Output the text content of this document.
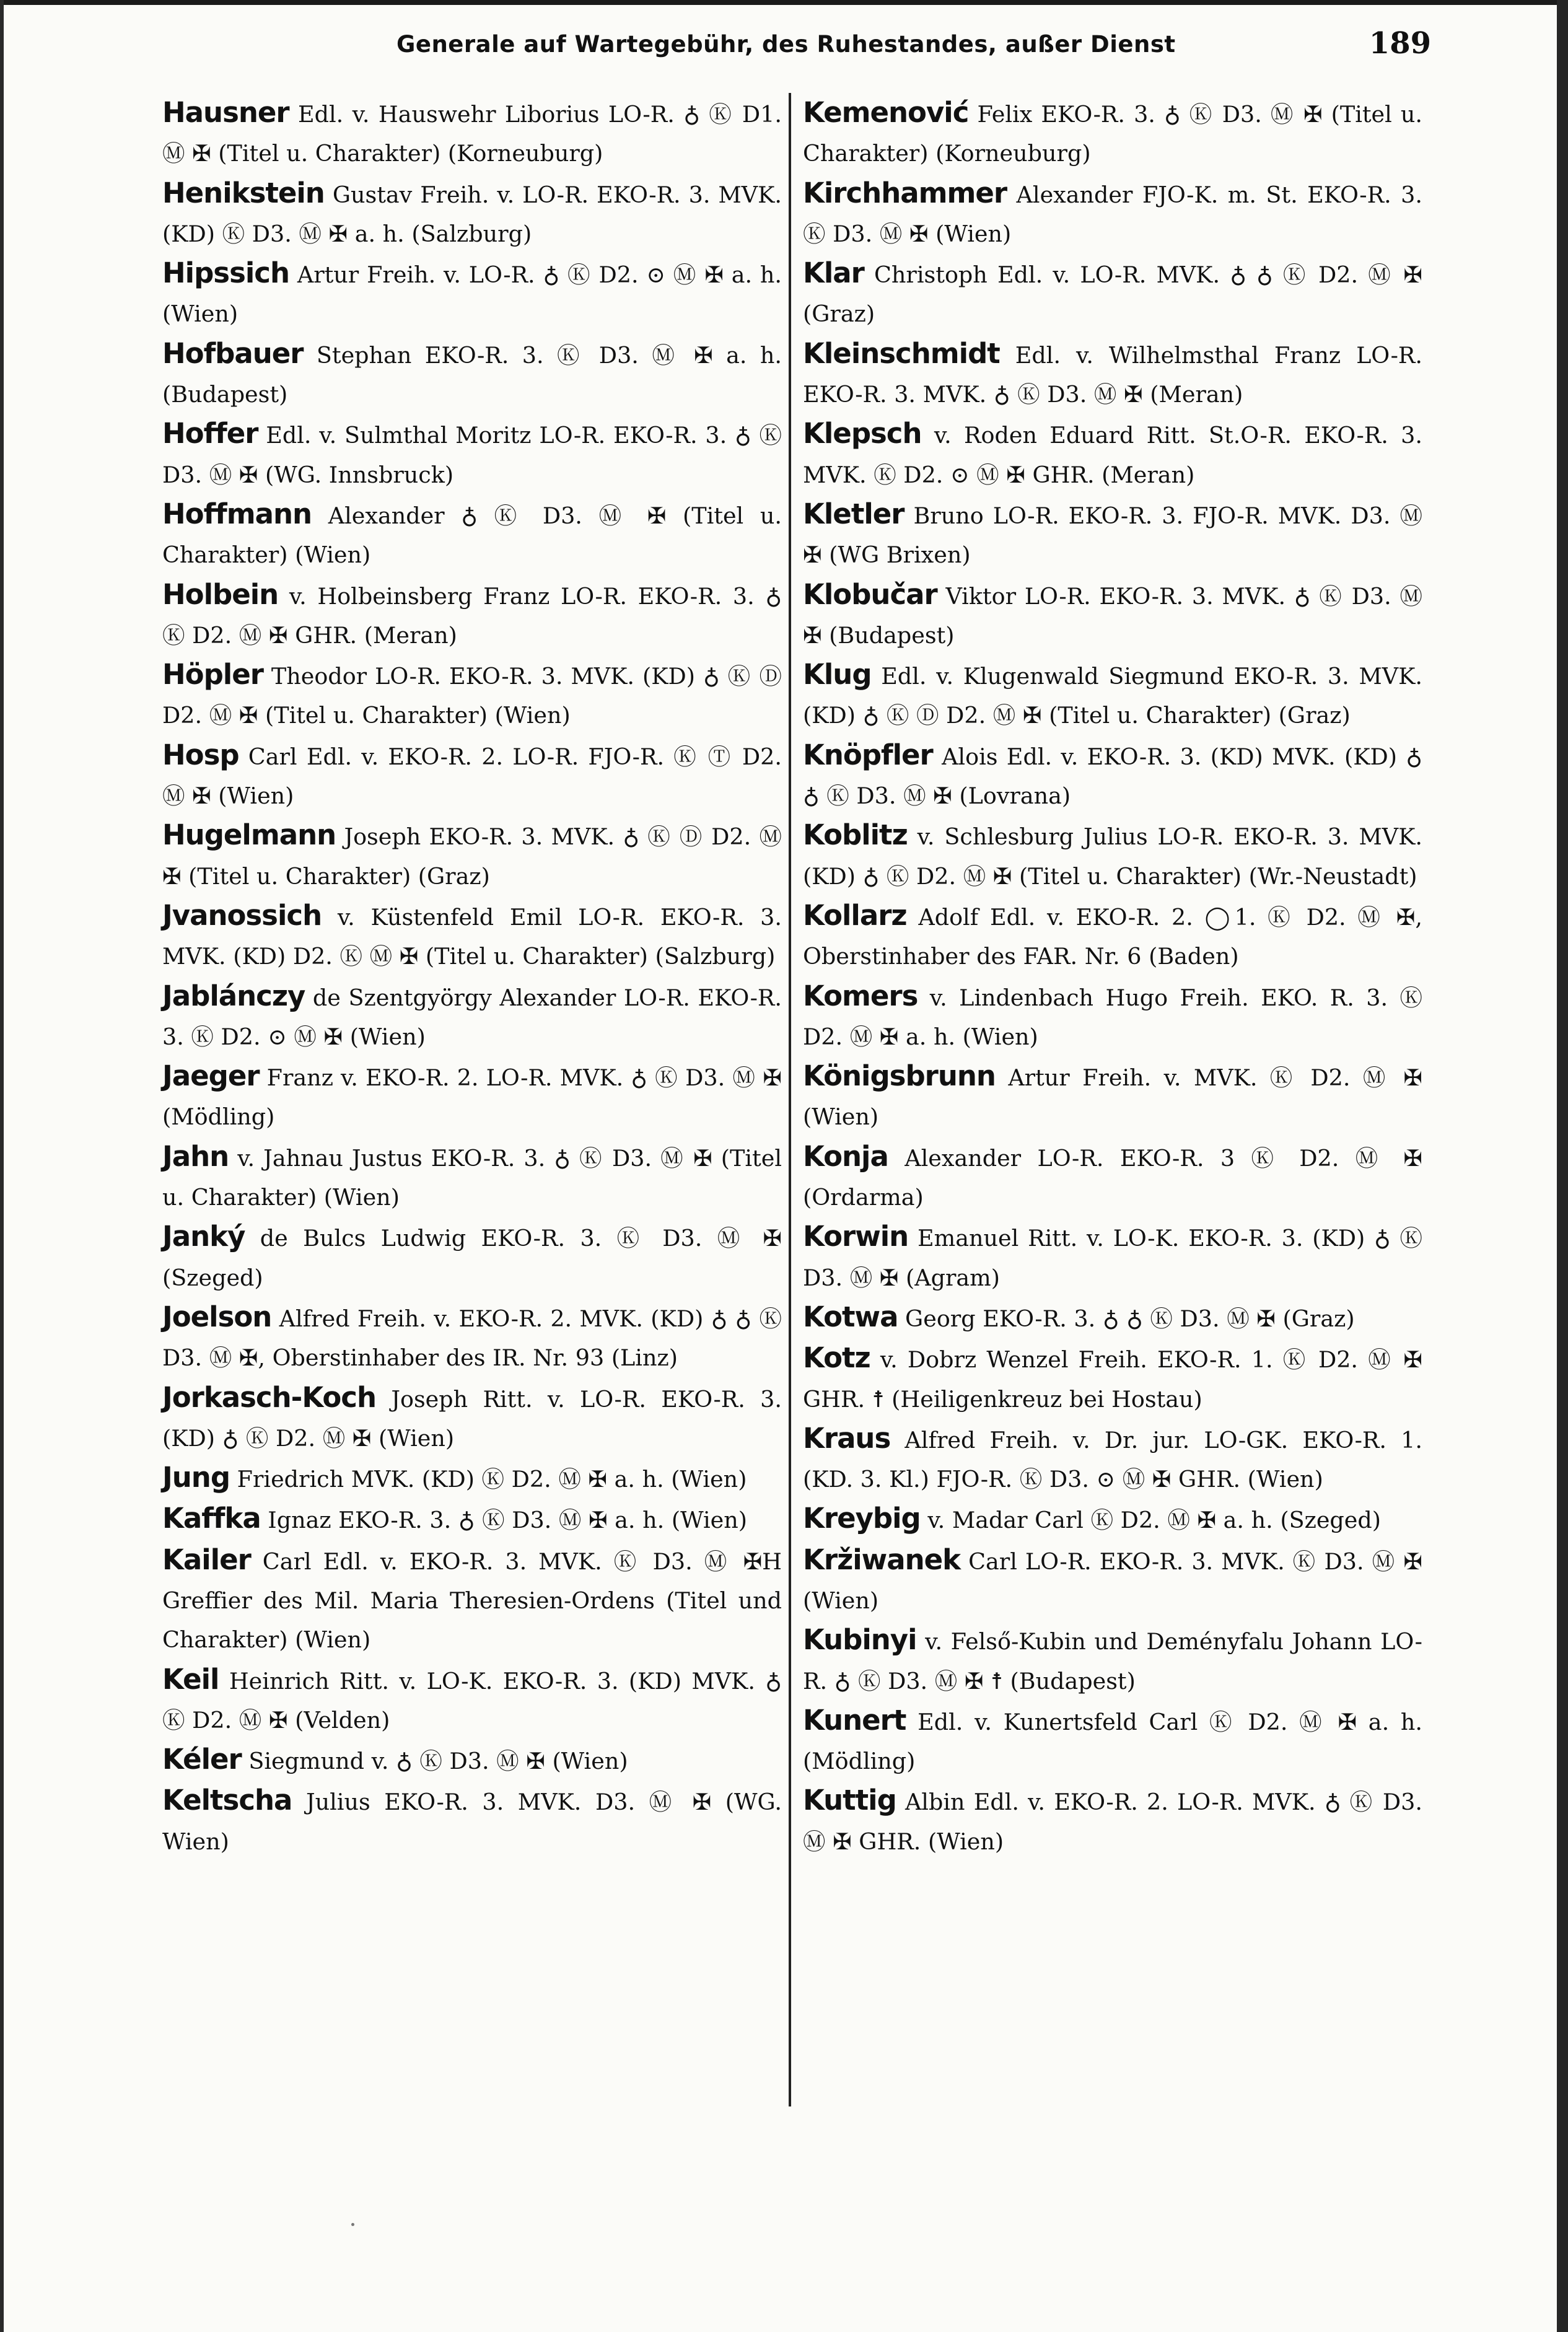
Generale auf Wartegebühr, des Ruhestandes, außer Dienst	189

Hausner Edl. v. Hauswehr Liborius LO-R. ♁ Ⓚ D1. Ⓜ ✠ (Titel u. Charakter) (Korneuburg)

Henikstein Gustav Freih. v. LO-R. EKO-R. 3. MVK. (KD) Ⓚ D3. Ⓜ ✠ a. h. (Salzburg)

Hipssich Artur Freih. v. LO-R. ♁ Ⓚ D2. ⊙ Ⓜ ✠ a. h. (Wien)

Hofbauer Stephan EKO-R. 3. Ⓚ D3. Ⓜ ✠ a. h. (Budapest)

Hoffer Edl. v. Sulmthal Moritz LO-R. EKO-R. 3. ♁ Ⓚ D3. Ⓜ ✠ (WG. Innsbruck)

Hoffmann Alexander ♁ Ⓚ D3. Ⓜ ✠ (Titel u. Charakter) (Wien)

Holbein v. Holbeinsberg Franz LO-R. EKO-R. 3. ♁ Ⓚ D2. Ⓜ ✠ GHR. (Meran)

Höpler Theodor LO-R. EKO-R. 3. MVK. (KD) ♁ Ⓚ Ⓓ D2. Ⓜ ✠ (Titel u. Charakter) (Wien)

Hosp Carl Edl. v. EKO-R. 2. LO-R. FJO-R. Ⓚ Ⓣ D2. Ⓜ ✠ (Wien)

Hugelmann Joseph EKO-R. 3. MVK. ♁ Ⓚ Ⓓ D2. Ⓜ ✠ (Titel u. Charakter) (Graz)

Jvanossich v. Küstenfeld Emil LO-R. EKO-R. 3. MVK. (KD) D2. Ⓚ Ⓜ ✠ (Titel u. Charakter) (Salzburg)

Jablánczy de Szentgyörgy Alexander LO-R. EKO-R. 3. Ⓚ D2. ⊙ Ⓜ ✠ (Wien)

Jaeger Franz v. EKO-R. 2. LO-R. MVK. ♁ Ⓚ D3. Ⓜ ✠ (Mödling)

Jahn v. Jahnau Justus EKO-R. 3. ♁ Ⓚ D3. Ⓜ ✠ (Titel u. Charakter) (Wien)

Janký de Bulcs Ludwig EKO-R. 3. Ⓚ D3. Ⓜ ✠ (Szeged)

Joelson Alfred Freih. v. EKO-R. 2. MVK. (KD) ♁ ♁ Ⓚ D3. Ⓜ ✠, Oberstinhaber des IR. Nr. 93 (Linz)

Jorkasch-Koch Joseph Ritt. v. LO-R. EKO-R. 3. (KD) ♁ Ⓚ D2. Ⓜ ✠ (Wien)

Jung Friedrich MVK. (KD) Ⓚ D2. Ⓜ ✠ a. h. (Wien)

Kaffka Ignaz EKO-R. 3. ♁ Ⓚ D3. Ⓜ ✠ a. h. (Wien)

Kailer Carl Edl. v. EKO-R. 3. MVK. Ⓚ D3. Ⓜ ✠H Greffier des Mil. Maria Theresien-Ordens (Titel und Charakter) (Wien)

Keil Heinrich Ritt. v. LO-K. EKO-R. 3. (KD) MVK. ♁ Ⓚ D2. Ⓜ ✠ (Velden)

Kéler Siegmund v. ♁ Ⓚ D3. Ⓜ ✠ (Wien)

Keltscha Julius EKO-R. 3. MVK. D3. Ⓜ ✠ (WG. Wien)

Kemenović Felix EKO-R. 3. ♁ Ⓚ D3. Ⓜ ✠ (Titel u. Charakter) (Korneuburg)

Kirchhammer Alexander FJO-K. m. St. EKO-R. 3. Ⓚ D3. Ⓜ ✠ (Wien)

Klar Christoph Edl. v. LO-R. MVK. ♁ ♁ Ⓚ D2. Ⓜ ✠ (Graz)

Kleinschmidt Edl. v. Wilhelmsthal Franz LO-R. EKO-R. 3. MVK. ♁ Ⓚ D3. Ⓜ ✠ (Meran)

Klepsch v. Roden Eduard Ritt. St.O-R. EKO-R. 3. MVK. Ⓚ D2. ⊙ Ⓜ ✠ GHR. (Meran)

Kletler Bruno LO-R. EKO-R. 3. FJO-R. MVK. D3. Ⓜ ✠ (WG Brixen)

Klobučar Viktor LO-R. EKO-R. 3. MVK. ♁ Ⓚ D3. Ⓜ ✠ (Budapest)

Klug Edl. v. Klugenwald Siegmund EKO-R. 3. MVK. (KD) ♁ Ⓚ Ⓓ D2. Ⓜ ✠ (Titel u. Charakter) (Graz)

Knöpfler Alois Edl. v. EKO-R. 3. (KD) MVK. (KD) ♁ ♁ Ⓚ D3. Ⓜ ✠ (Lovrana)

Koblitz v. Schlesburg Julius LO-R. EKO-R. 3. MVK. (KD) ♁ Ⓚ D2. Ⓜ ✠ (Titel u. Charakter) (Wr.-Neustadt)

Kollarz Adolf Edl. v. EKO-R. 2. ◯1. Ⓚ D2. Ⓜ ✠, Oberstinhaber des FAR. Nr. 6 (Baden)

Komers v. Lindenbach Hugo Freih. EKO. R. 3. Ⓚ D2. Ⓜ ✠ a. h. (Wien)

Königsbrunn Artur Freih. v. MVK. Ⓚ D2. Ⓜ ✠ (Wien)

Konja Alexander LO-R. EKO-R. 3 Ⓚ D2. Ⓜ ✠ (Ordarma)

Korwin Emanuel Ritt. v. LO-K. EKO-R. 3. (KD) ♁ Ⓚ D3. Ⓜ ✠ (Agram)

Kotwa Georg EKO-R. 3. ♁ ♁ Ⓚ D3. Ⓜ ✠ (Graz)

Kotz v. Dobrz Wenzel Freih. EKO-R. 1. Ⓚ D2. Ⓜ ✠ GHR. ☨ (Heiligenkreuz bei Hostau)

Kraus Alfred Freih. v. Dr. jur. LO-GK. EKO-R. 1. (KD. 3. Kl.) FJO-R. Ⓚ D3. ⊙ Ⓜ ✠ GHR. (Wien)

Kreybig v. Madar Carl Ⓚ D2. Ⓜ ✠ a. h. (Szeged)

Kržiwanek Carl LO-R. EKO-R. 3. MVK. Ⓚ D3. Ⓜ ✠ (Wien)

Kubinyi v. Felső-Kubin und Deményfalu Johann LO-R. ♁ Ⓚ D3. Ⓜ ✠ ☨ (Budapest)

Kunert Edl. v. Kunertsfeld Carl Ⓚ D2. Ⓜ ✠ a. h. (Mödling)

Kuttig Albin Edl. v. EKO-R. 2. LO-R. MVK. ♁ Ⓚ D3. Ⓜ ✠ GHR. (Wien)
